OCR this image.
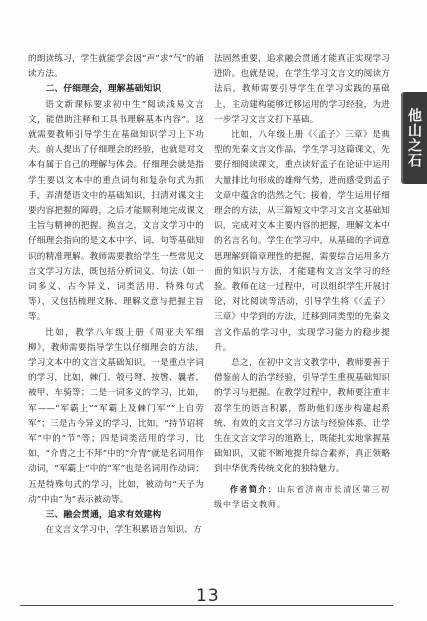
的朗读练习，学生就能学会因“声”求“气”的诵读方法。

二、仔细理会，理解基础知识

语文新课标要求初中生“阅读浅易文言文，能借助注释和工具书理解基本内容”。这就需要教师引导学生在基础知识学习上下功夫。前人提出了仔细理会的经验，也就是对文本有属于自己的理解与体会。仔细理会就是指学生要以文本中的重点词句和复杂句式为抓手，弄清楚语文中的基础知识，扫清对课文主要内容把握的障碍，之后才能顺利地完成课文主旨与精神的把握。换言之，文言文学习中的仔细理会指向的是文本中字、词、句等基础知识的精准理解。教师需要教给学生一些常见文言文学习方法，既包括分析词义、句法（如一词多义、古今异义、词类活用、特殊句式等），又包括梳理文脉、理解文意与把握主旨等。

比如，教学八年级上册《周亚夫军细柳》，教师需要指导学生以仔细理会的方法，学习文本中的文言文基础知识。一是重点字词的学习，比如，棘门、彀弓弩、按辔、曩者、被甲、车骑等；二是一词多义的学习，比如，军——“军霸上”“军霸上及棘门军”“上自劳军”；三是古今异义的学习，比如，“持节诏将军”中的“节”等；四是词类活用的学习，比如，“介胄之士不拜”中的“介胄”就是名词用作动词，“军霸上”中的“军”也是名词用作动词；五是特殊句式的学习，比如，被动句“天子为动”中由“为”表示被动等。

三、融会贯通，追求有效建构

在文言文学习中，学生积累语言知识、方

法固然重要，追求融会贯通才能真正实现学习进阶。也就是说，在学生学习文言文的阅读方法后，教师需要引导学生在学习实践的基础上，主动建构能够迁移运用的学习经验，为进一步学习文言文打下基础。

比如，八年级上册《〈孟子〉三章》是典型的先秦文言文作品，学生学习这篇课文，先要仔细阅读课文，重点读好孟子在论证中运用大量排比句形成的雄辩气势，进而感受到孟子文章中蕴含的浩然之气；接着，学生运用仔细理会的方法，从三篇短文中学习文言文基础知识，完成对文本主要内容的把握，理解文本中的名言名句。学生在学习中，从基础的字词意思理解到篇章理性的把握，需要综合运用多方面的知识与方法，才能建构文言文学习的经验。教师在这一过程中，可以组织学生开展讨论，对比阅读等活动，引导学生将《〈孟子〉三章》中学到的方法，迁移到同类型的先秦文言文作品的学习中，实现学习能力的稳步提升。

总之，在初中文言文教学中，教师要善于借鉴前人的治学经验，引导学生重视基础知识的学习与把握。在教学过程中，教师要注重丰富学生的语言积累，帮助他们逐步构建起系统、有效的文言文学习方法与经验体系，让学生在文言文学习的道路上，既能扎实地掌握基础知识，又能不断地提升综合素养，真正领略到中华优秀传统文化的独特魅力。

作者简介：山东省济南市长清区第三初级中学语文教师。
他山之石
13
